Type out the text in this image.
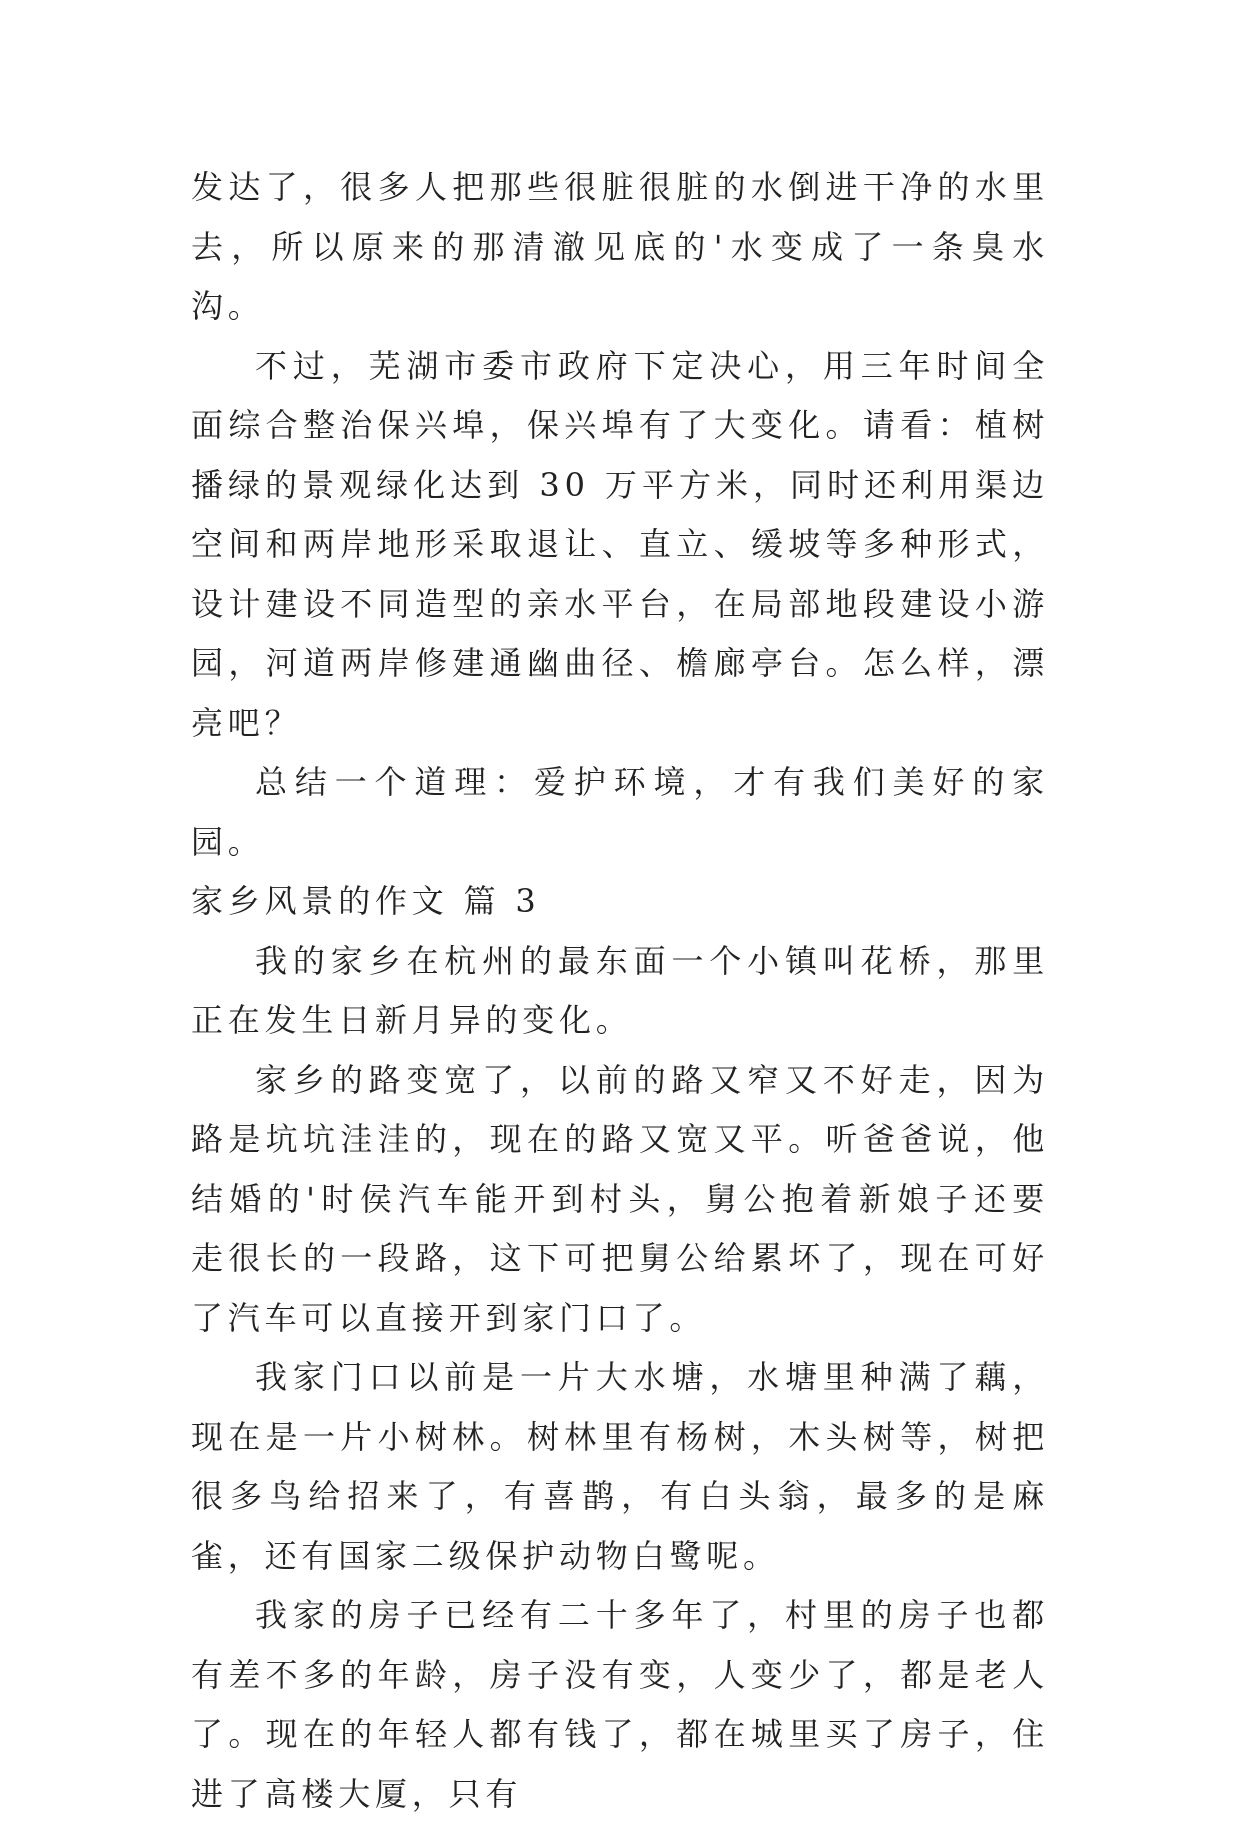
发达了，很多人把那些很脏很脏的水倒进干净的水里去，所以原来的那清澈见底的'水变成了一条臭水沟。

不过，芜湖市委市政府下定决心，用三年时间全面综合整治保兴埠，保兴埠有了大变化。请看：植树播绿的景观绿化达到 30 万平方米，同时还利用渠边空间和两岸地形采取退让、直立、缓坡等多种形式，设计建设不同造型的亲水平台，在局部地段建设小游园，河道两岸修建通幽曲径、檐廊亭台。怎么样，漂亮吧？

总结一个道理：爱护环境，才有我们美好的家园。

家乡风景的作文 篇 3

我的家乡在杭州的最东面一个小镇叫花桥，那里正在发生日新月异的变化。

家乡的路变宽了，以前的路又窄又不好走，因为路是坑坑洼洼的，现在的路又宽又平。听爸爸说，他结婚的'时侯汽车能开到村头，舅公抱着新娘子还要走很长的一段路，这下可把舅公给累坏了，现在可好了汽车可以直接开到家门口了。

我家门口以前是一片大水塘，水塘里种满了藕，现在是一片小树林。树林里有杨树，木头树等，树把很多鸟给招来了，有喜鹊，有白头翁，最多的是麻雀，还有国家二级保护动物白鹭呢。

我家的房子已经有二十多年了，村里的房子也都有差不多的年龄，房子没有变，人变少了，都是老人了。现在的年轻人都有钱了，都在城里买了房子，住进了高楼大厦，只有
